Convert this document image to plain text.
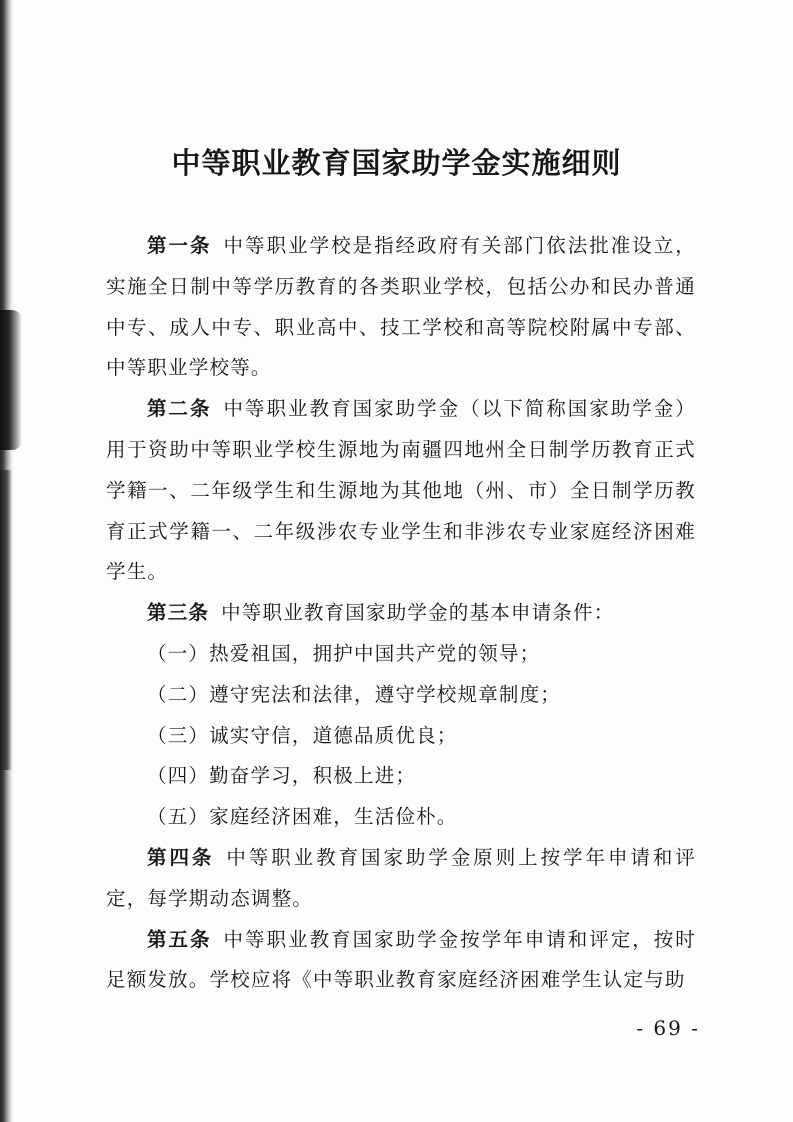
中等职业教育国家助学金实施细则

第一条 中等职业学校是指经政府有关部门依法批准设立，实施全日制中等学历教育的各类职业学校，包括公办和民办普通中专、成人中专、职业高中、技工学校和高等院校附属中专部、中等职业学校等。

第二条 中等职业教育国家助学金（以下简称国家助学金）用于资助中等职业学校生源地为南疆四地州全日制学历教育正式学籍一、二年级学生和生源地为其他地（州、市）全日制学历教育正式学籍一、二年级涉农专业学生和非涉农专业家庭经济困难学生。

第三条 中等职业教育国家助学金的基本申请条件：

（一）热爱祖国，拥护中国共产党的领导；

（二）遵守宪法和法律，遵守学校规章制度；

（三）诚实守信，道德品质优良；

（四）勤奋学习，积极上进；

（五）家庭经济困难，生活俭朴。

第四条 中等职业教育国家助学金原则上按学年申请和评定，每学期动态调整。

第五条 中等职业教育国家助学金按学年申请和评定，按时足额发放。学校应将《中等职业教育家庭经济困难学生认定与助

- 69 -
